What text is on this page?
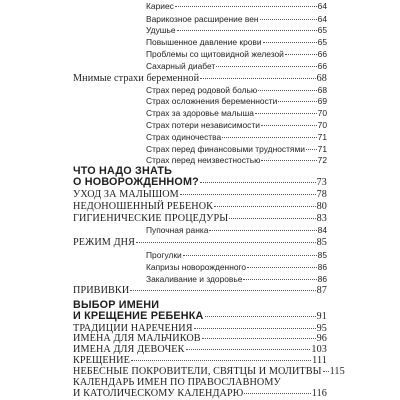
Кариес	64
Варикозное расширение вен	64
Удушье	65
Повышенное давление крови	65
Проблемы со щитовидной железой	66
Сахарный диабет	66
Мнимые страхи беременной	68
Страх перед родовой болью	68
Страх осложнения беременности	69
Страх за здоровье малыша	70
Страх потери независимости	70
Страх одиночества	71
Страх перед финансовыми трудностями 71
Страх перед неизвестностью	72
ЧТО НАДО ЗНАТЬ
О НОВОРОЖДЕННОМ?	73
УХОД ЗА МАЛЫШОМ	78
НЕДОНОШЕННЫЙ РЕБЕНОК	80
ГИГИЕНИЧЕСКИЕ ПРОЦЕДУРЫ	83
Пупочная ранка	84
РЕЖИМ ДНЯ	85
Прогулки	85
Капризы новорожденного	86
Закаливание и здоровье	86
ПРИВИВКИ	87
ВЫБОР ИМЕНИ
И КРЕЩЕНИЕ РЕБЕНКА	91
ТРАДИЦИИ НАРЕЧЕНИЯ	95
ИМЕНА ДЛЯ МАЛЬЧИКОВ	96
ИМЕНА ДЛЯ ДЕВОЧЕК	103
КРЕЩЕНИЕ	111
НЕБЕСНЫЕ ПОКРОВИТЕЛИ, СВЯТЦЫ И МОЛИТВЫ 115
КАЛЕНДАРЬ ИМЕН ПО ПРАВОСЛАВНОМУ
И КАТОЛИЧЕСКОМУ КАЛЕНДАРЮ	116
